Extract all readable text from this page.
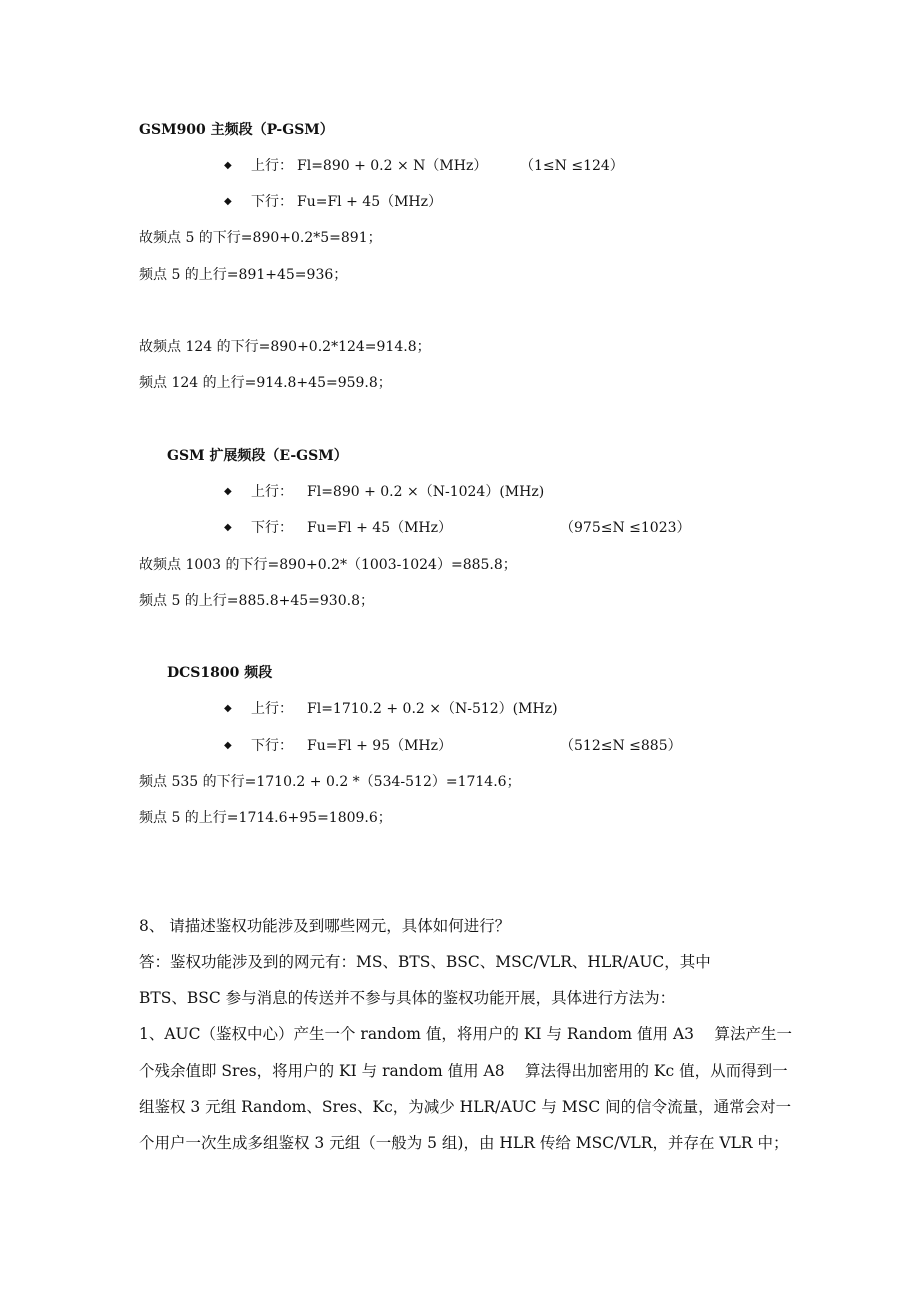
GSM900 主频段（P-GSM）
◆ 上行： Fl=890 + 0.2 × N（MHz） （1≤N ≤124）
◆ 下行： Fu=Fl + 45（MHz）
故频点 5 的下行=890+0.2*5=891；
频点 5 的上行=891+45=936；
故频点 124 的下行=890+0.2*124=914.8；
频点 124 的上行=914.8+45=959.8；
GSM 扩展频段（E-GSM）
◆ 上行： Fl=890 + 0.2 ×（N-1024）(MHz)
◆ 下行： Fu=Fl + 45（MHz）	（975≤N ≤1023）
故频点 1003 的下行=890+0.2*（1003-1024）=885.8；
频点 5 的上行=885.8+45=930.8；
DCS1800 频段
◆ 上行： Fl=1710.2 + 0.2 ×（N-512）(MHz)
◆ 下行： Fu=Fl + 95（MHz）	（512≤N ≤885）
频点 535 的下行=1710.2 + 0.2 *（534-512）=1714.6；
频点 5 的上行=1714.6+95=1809.6；
8、 请描述鉴权功能涉及到哪些网元，具体如何进行？
答：鉴权功能涉及到的网元有：MS、BTS、BSC、MSC/VLR、HLR/AUC，其中
BTS、BSC 参与消息的传送并不参与具体的鉴权功能开展，具体进行方法为：
1、AUC（鉴权中心）产生一个 random 值，将用户的 KI 与 Random 值用 A3　 算法产生一
个残余值即 Sres，将用户的 KI 与 random 值用 A8　 算法得出加密用的 Kc 值，从而得到一
组鉴权 3 元组 Random、Sres、Kc，为减少 HLR/AUC 与 MSC 间的信令流量，通常会对一
个用户一次生成多组鉴权 3 元组（一般为 5 组)，由 HLR 传给 MSC/VLR，并存在 VLR 中；
